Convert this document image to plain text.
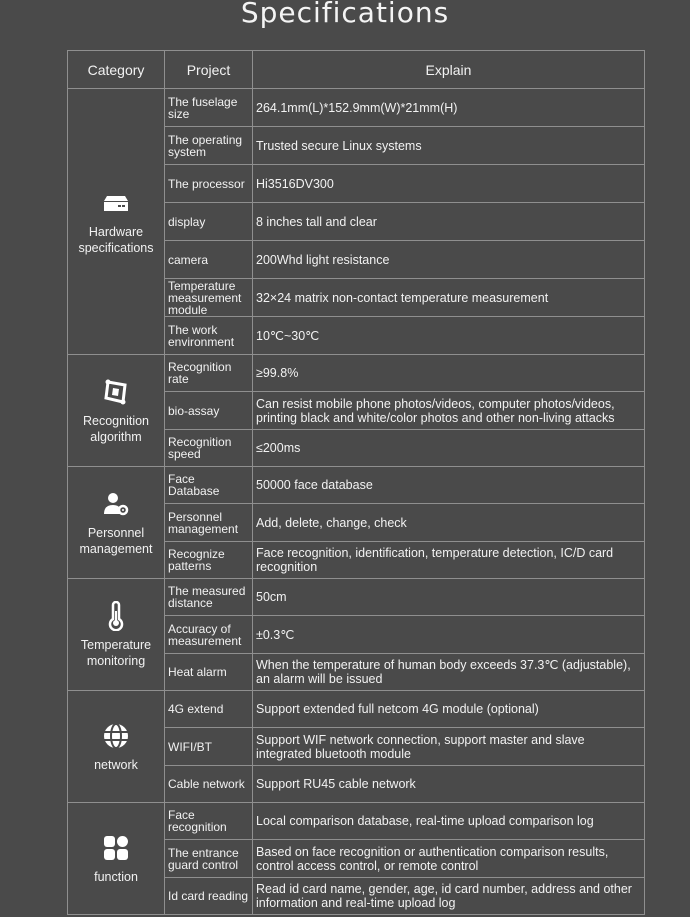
Specifications
Category	Project	Explain

Hardware specifications	The fuselage size	264.1mm(L)*152.9mm(W)*21mm(H)
	The operating system	Trusted secure Linux systems
	The processor	Hi3516DV300
	display	8 inches tall and clear
	camera	200Whd light resistance
	Temperature measurement module	32×24 matrix non-contact temperature measurement
	The work environment	10℃~30℃

Recognition algorithm	Recognition rate	≥99.8%
	bio-assay	Can resist mobile phone photos/videos, computer photos/videos, printing black and white/color photos and other non-living attacks
	Recognition speed	≤200ms

Personnel management	Face Database	50000 face database
	Personnel management	Add, delete, change, check
	Recognize patterns	Face recognition, identification, temperature detection, IC/D card recognition

Temperature monitoring	The measured distance	50cm
	Accuracy of measurement	±0.3℃
	Heat alarm	When the temperature of human body exceeds 37.3℃ (adjustable), an alarm will be issued

network	4G extend	Support extended full netcom 4G module (optional)
	WIFI/BT	Support WIF network connection, support master and slave integrated bluetooth module
	Cable network	Support RU45 cable network

function	Face recognition	Local comparison database, real-time upload comparison log
	The entrance guard control	Based on face recognition or authentication comparison results, control access control, or remote control
	Id card reading	Read id card name, gender, age, id card number, address and other information and real-time upload log
